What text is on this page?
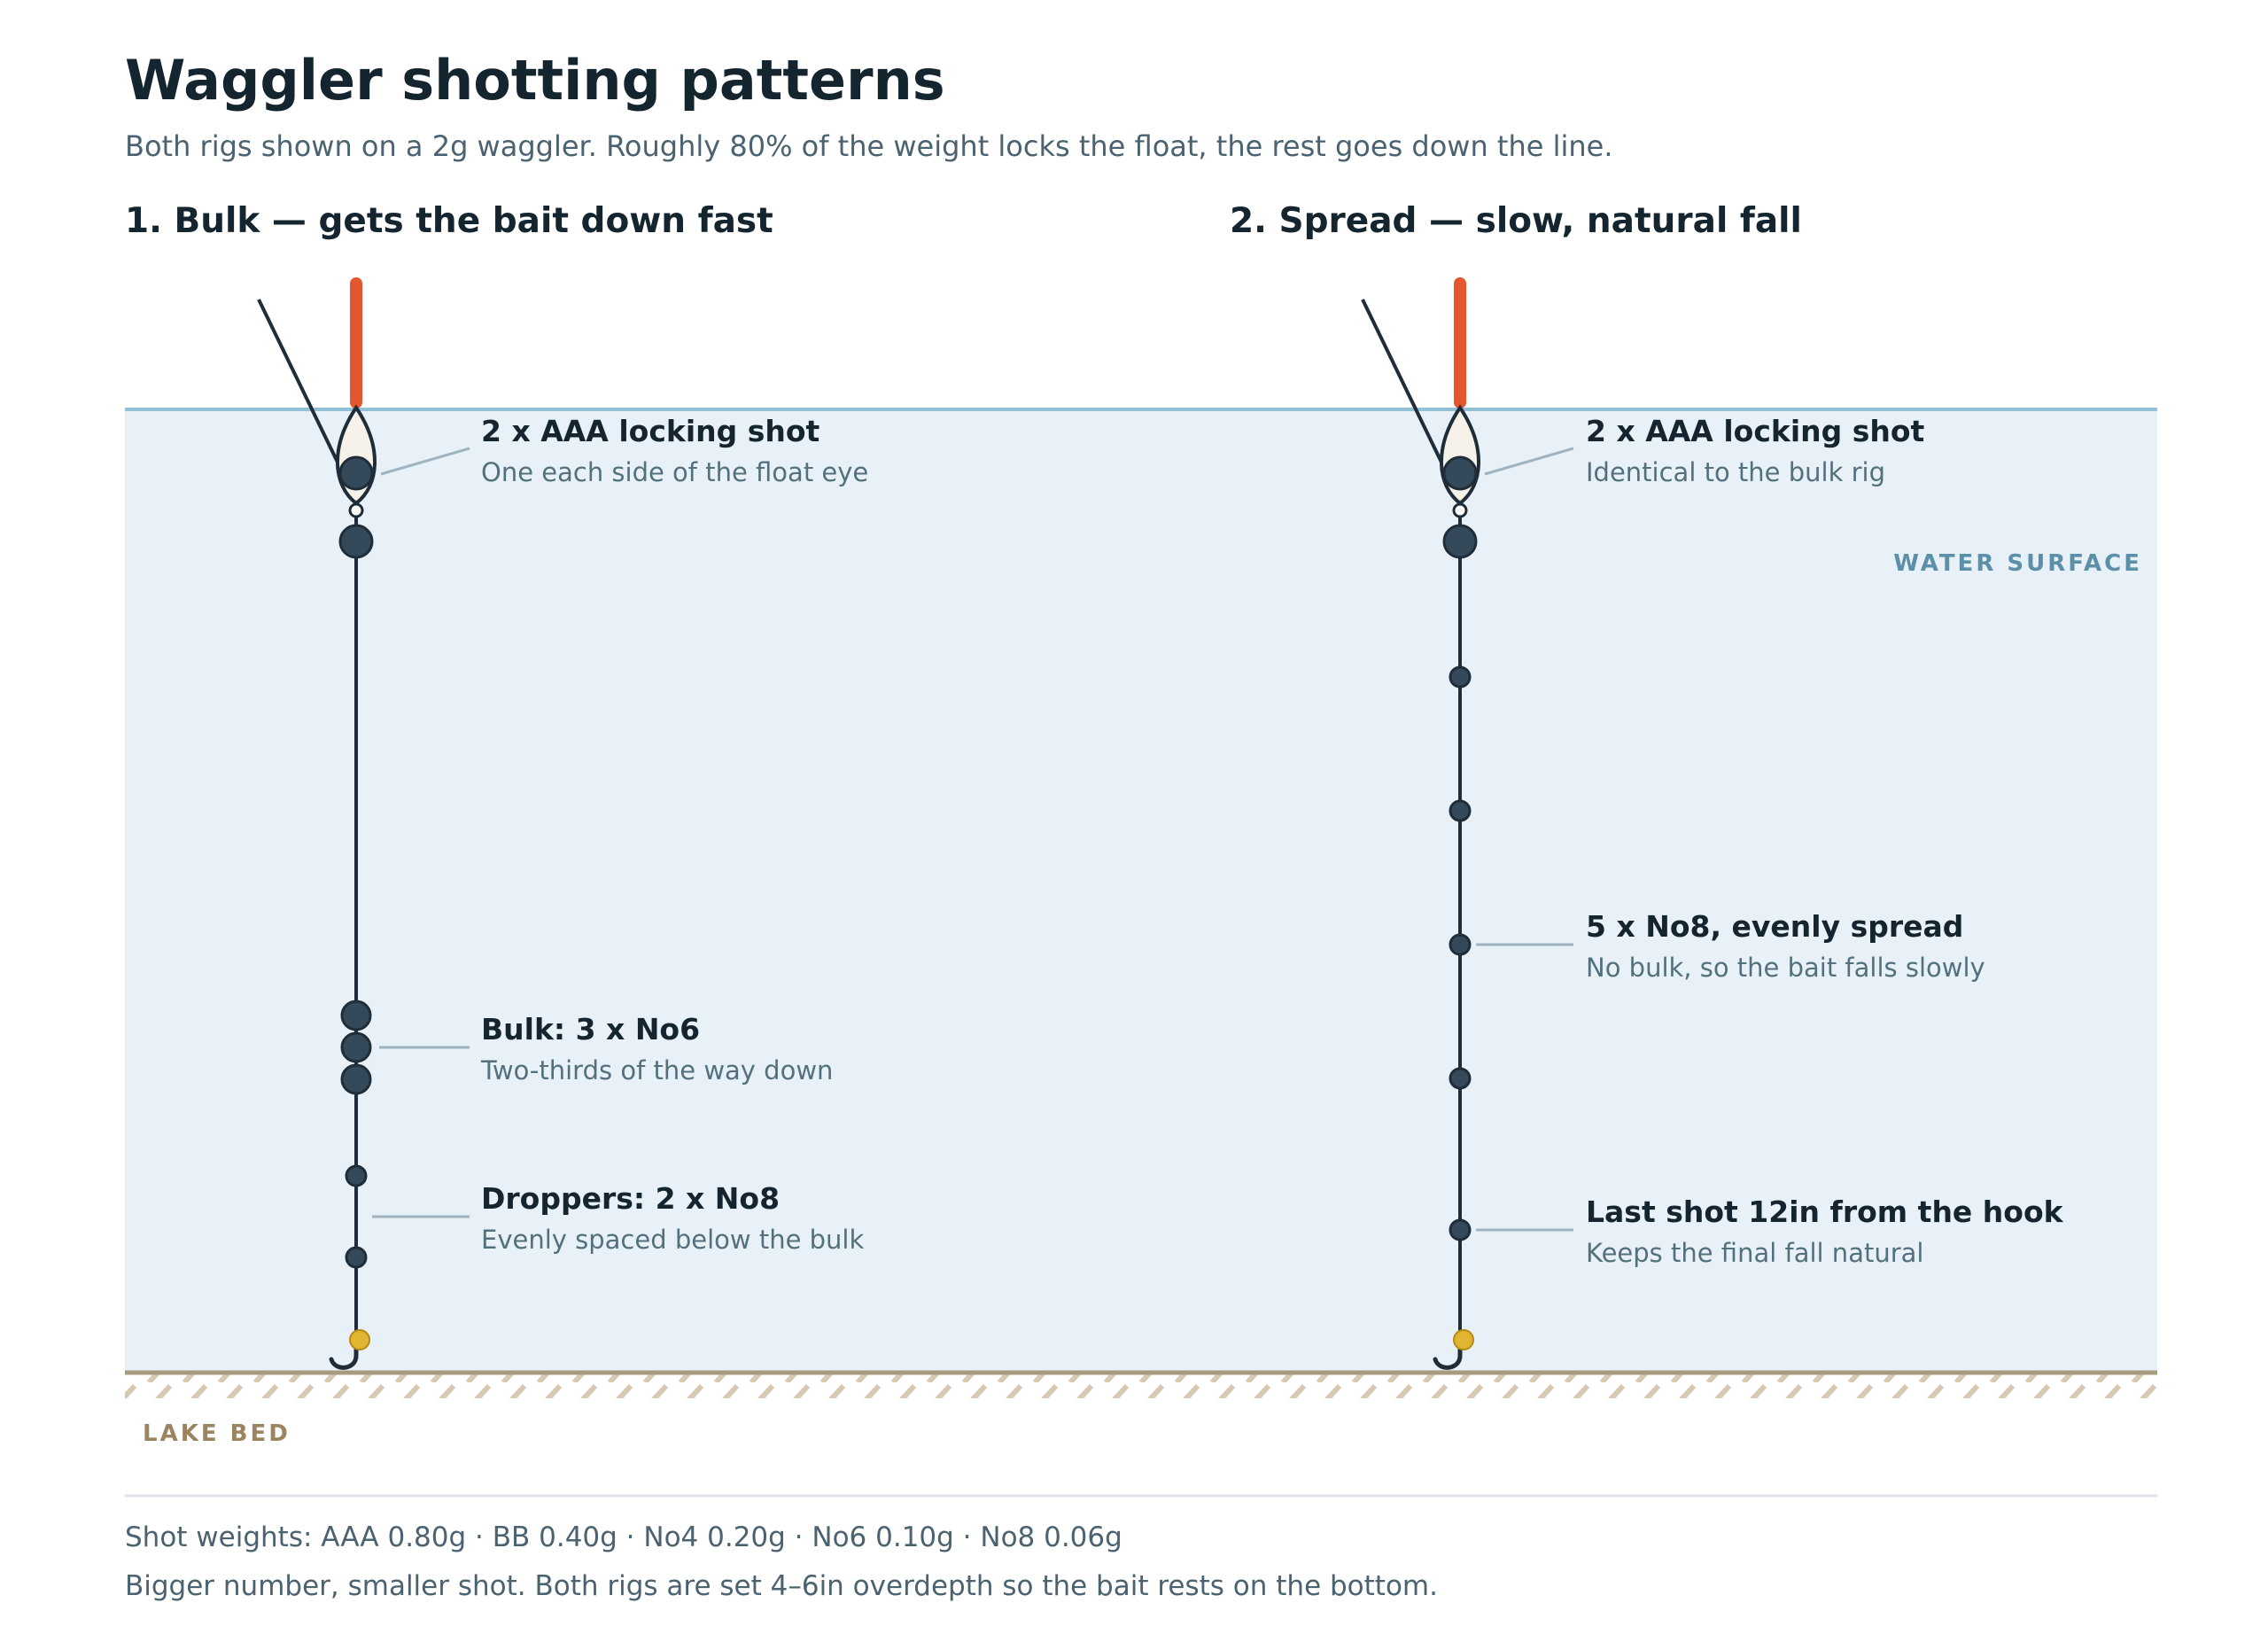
Waggler shotting patterns
Both rigs shown on a 2g waggler. Roughly 80% of the weight locks the float, the rest goes down the line.
1. Bulk — gets the bait down fast	2. Spread — slow, natural fall
WATER SURFACE
LAKE BED
2 x AAA locking shot
One each side of the float eye
Bulk: 3 x No6
Two-thirds of the way down
Droppers: 2 x No8
Evenly spaced below the bulk
2 x AAA locking shot
Identical to the bulk rig
5 x No8, evenly spread
No bulk, so the bait falls slowly
Last shot 12in from the hook
Keeps the final fall natural
Shot weights: AAA 0.80g · BB 0.40g · No4 0.20g · No6 0.10g · No8 0.06g
Bigger number, smaller shot. Both rigs are set 4–6in overdepth so the bait rests on the bottom.
